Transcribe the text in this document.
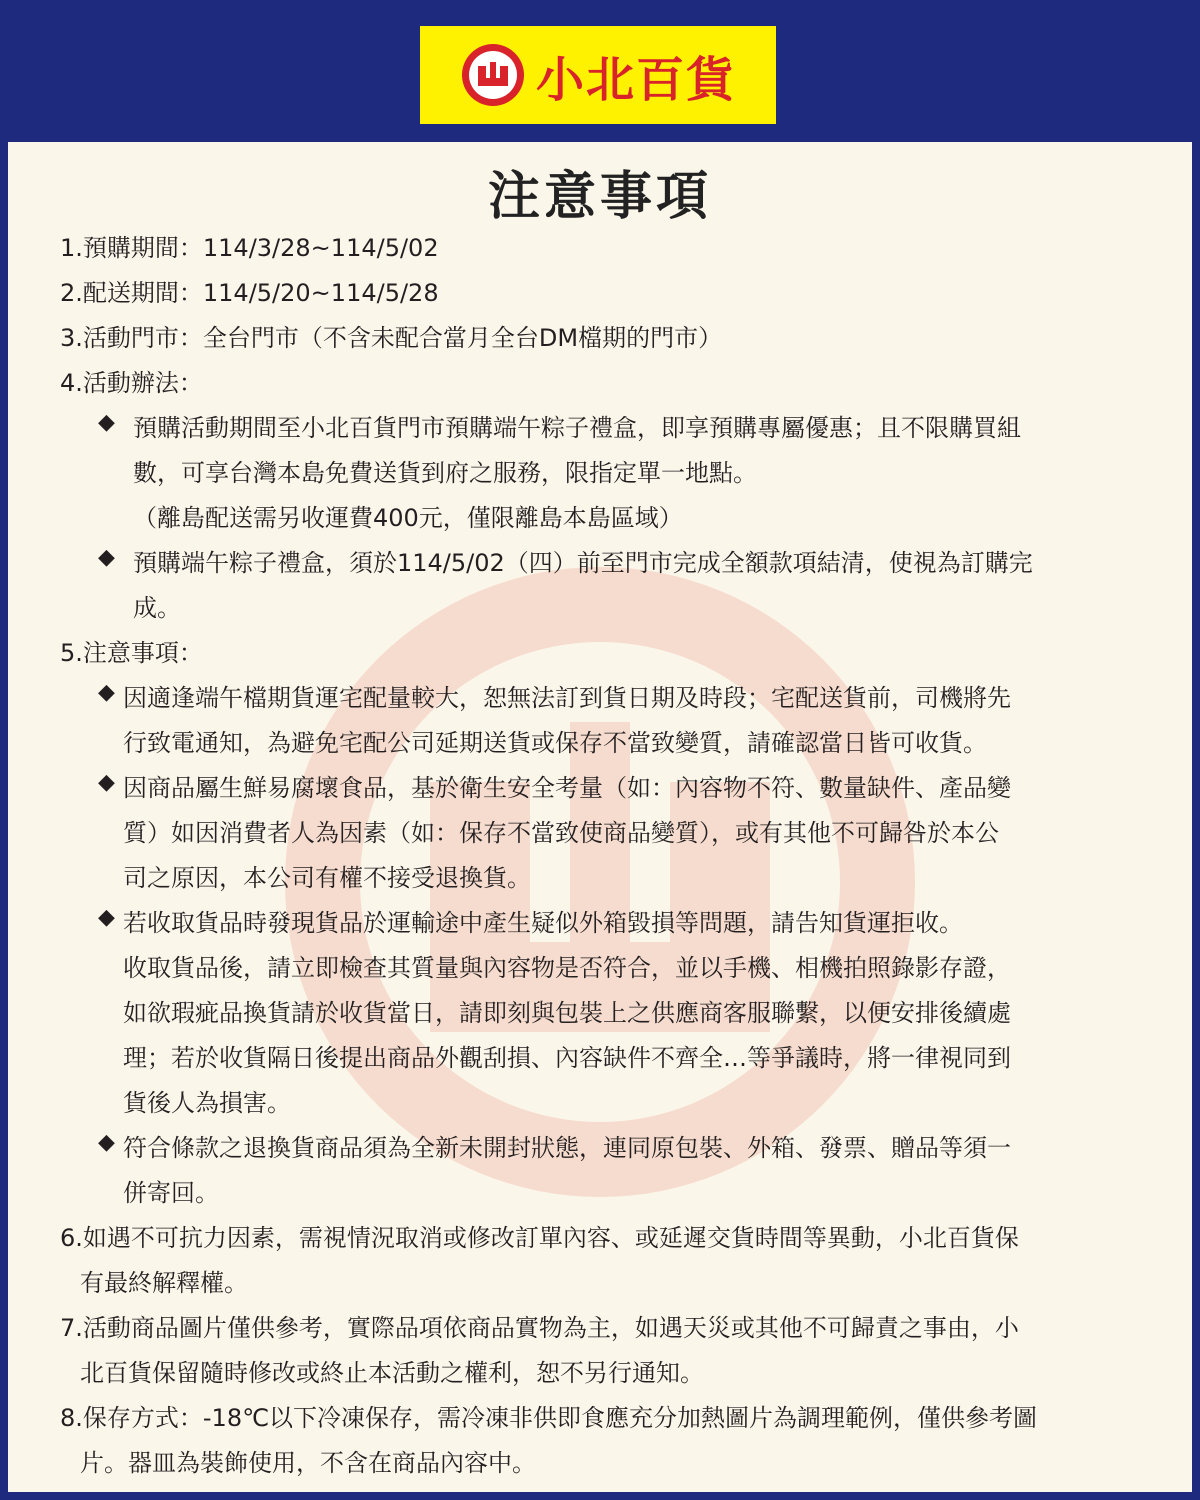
小北百貨
注意事項
1.預購期間：114/3/28~114/5/02
2.配送期間：114/5/20~114/5/28
3.活動門市：全台門市（不含未配合當月全台DM檔期的門市）
4.活動辦法：
◆ 預購活動期間至小北百貨門市預購端午粽子禮盒，即享預購專屬優惠；且不限購買組
數，可享台灣本島免費送貨到府之服務，限指定單一地點。
（離島配送需另收運費400元，僅限離島本島區域）
◆ 預購端午粽子禮盒，須於114/5/02（四）前至門市完成全額款項結清，使視為訂購完
成。
5.注意事項：
◆ 因適逢端午檔期貨運宅配量較大，恕無法訂到貨日期及時段；宅配送貨前，司機將先
行致電通知，為避免宅配公司延期送貨或保存不當致變質，請確認當日皆可收貨。
◆ 因商品屬生鮮易腐壞食品，基於衛生安全考量（如：內容物不符、數量缺件、產品變
質）如因消費者人為因素（如：保存不當致使商品變質），或有其他不可歸咎於本公
司之原因，本公司有權不接受退換貨。
◆ 若收取貨品時發現貨品於運輸途中產生疑似外箱毀損等問題，請告知貨運拒收。
收取貨品後，請立即檢查其質量與內容物是否符合，並以手機、相機拍照錄影存證，
如欲瑕疵品換貨請於收貨當日，請即刻與包裝上之供應商客服聯繫，以便安排後續處
理；若於收貨隔日後提出商品外觀刮損、內容缺件不齊全…等爭議時，將一律視同到
貨後人為損害。
◆ 符合條款之退換貨商品須為全新未開封狀態，連同原包裝、外箱、發票、贈品等須一
併寄回。
6.如遇不可抗力因素，需視情況取消或修改訂單內容、或延遲交貨時間等異動，小北百貨保
有最終解釋權。
7.活動商品圖片僅供參考，實際品項依商品實物為主，如遇天災或其他不可歸責之事由，小
北百貨保留隨時修改或終止本活動之權利，恕不另行通知。
8.保存方式：-18℃以下冷凍保存，需冷凍非供即食應充分加熱圖片為調理範例，僅供參考圖
片。器皿為裝飾使用，不含在商品內容中。
